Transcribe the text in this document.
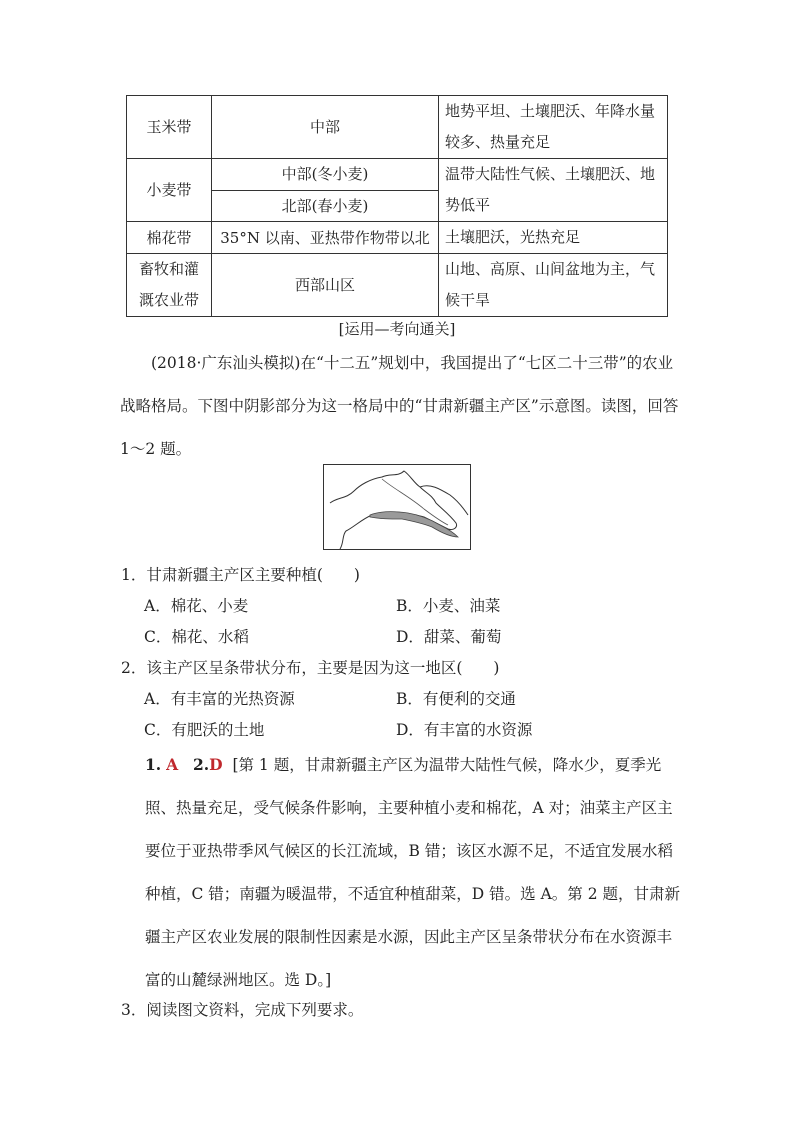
玉米带	中部	地势平坦、土壤肥沃、年降水量较多、热量充足
小麦带	中部(冬小麦)	温带大陆性气候、土壤肥沃、地势低平
	北部(春小麦)	
棉花带	35°N 以南、亚热带作物带以北	土壤肥沃，光热充足
畜牧和灌溉农业带	西部山区	山地、高原、山间盆地为主，气候干旱
[运用—考向通关]
(2018·广东汕头模拟)在“十二五”规划中，我国提出了“七区二十三带”的农业战略格局。下图中阴影部分为这一格局中的“甘肃新疆主产区”示意图。读图，回答 1～2 题。
1．甘肃新疆主产区主要种植(　　)
A．棉花、小麦	B．小麦、油菜
C．棉花、水稻	D．甜菜、葡萄
2．该主产区呈条带状分布，主要是因为这一地区(　　)
A．有丰富的光热资源	B．有便利的交通
C．有肥沃的土地	D．有丰富的水资源
1. A 2.D [第 1 题，甘肃新疆主产区为温带大陆性气候，降水少，夏季光照、热量充足，受气候条件影响，主要种植小麦和棉花，A 对；油菜主产区主要位于亚热带季风气候区的长江流域，B 错；该区水源不足，不适宜发展水稻种植，C 错；南疆为暖温带，不适宜种植甜菜，D 错。选 A。第 2 题，甘肃新疆主产区农业发展的限制性因素是水源，因此主产区呈条带状分布在水资源丰富的山麓绿洲地区。选 D。]
3．阅读图文资料，完成下列要求。
